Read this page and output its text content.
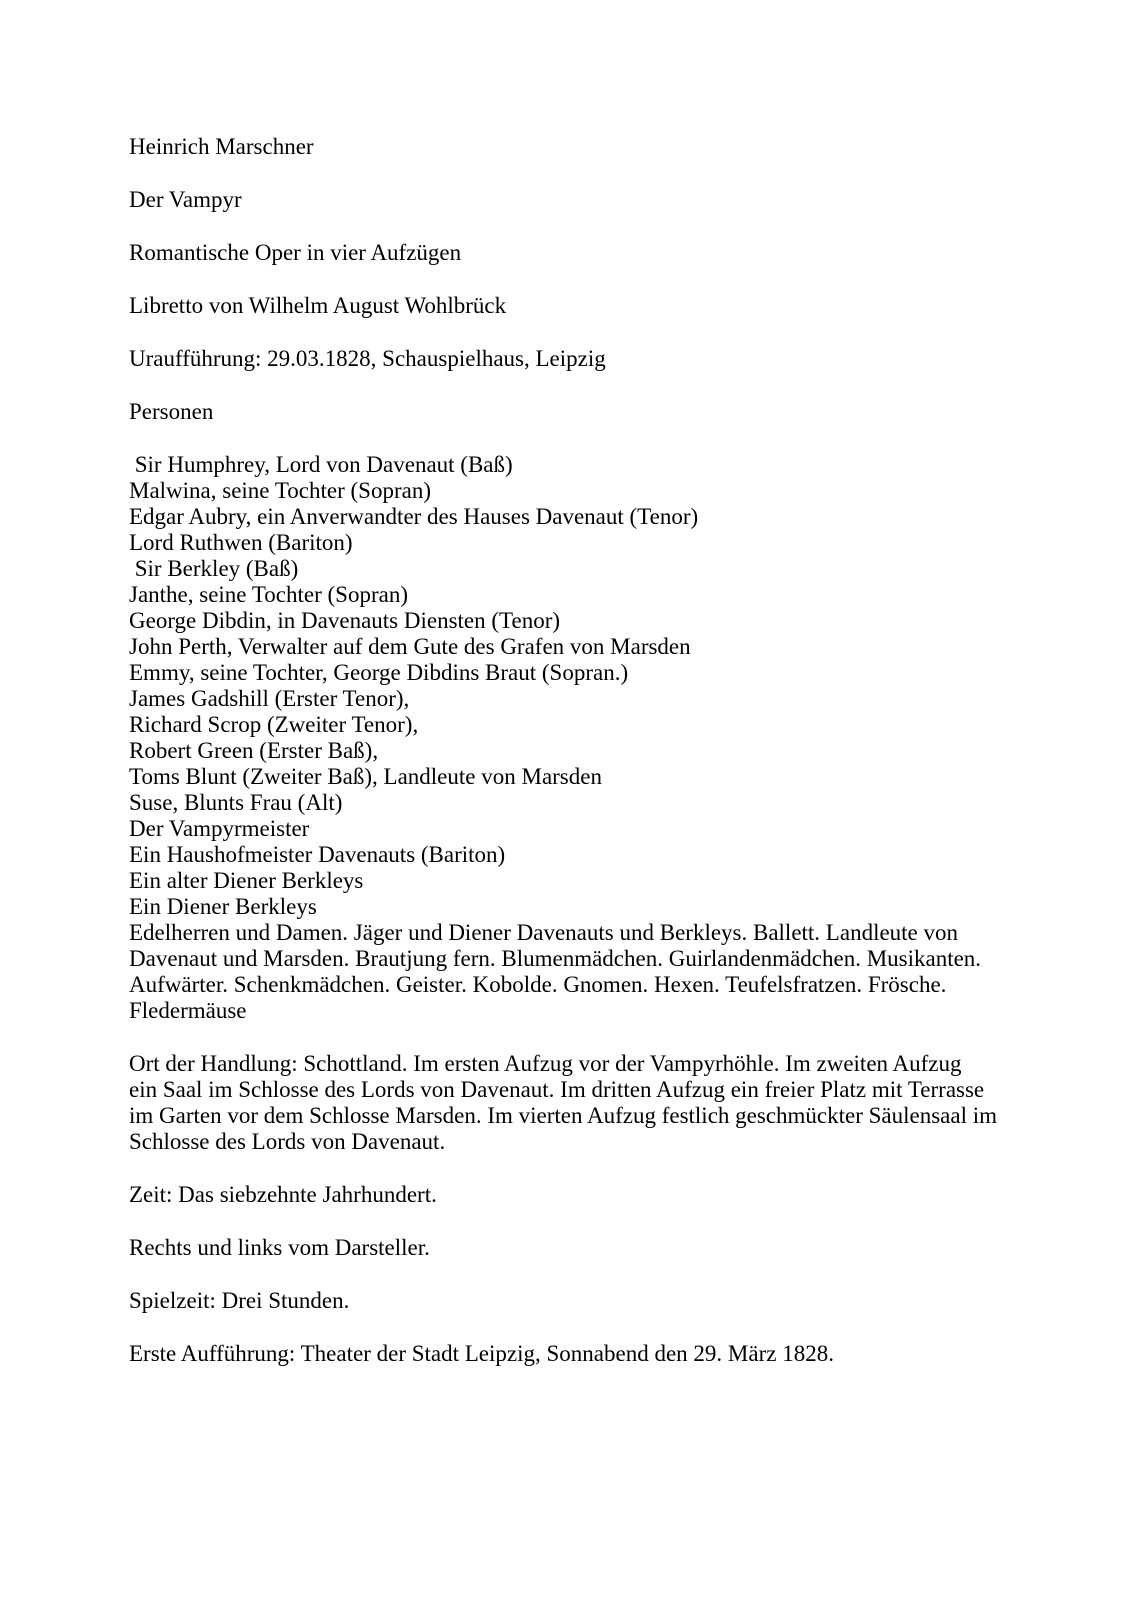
Heinrich Marschner
Der Vampyr
Romantische Oper in vier Aufzügen
Libretto von Wilhelm August Wohlbrück
Uraufführung: 29.03.1828, Schauspielhaus, Leipzig
Personen
Sir Humphrey, Lord von Davenaut (Baß)
Malwina, seine Tochter (Sopran)
Edgar Aubry, ein Anverwandter des Hauses Davenaut (Tenor)
Lord Ruthwen (Bariton)
Sir Berkley (Baß)
Janthe, seine Tochter (Sopran)
George Dibdin, in Davenauts Diensten (Tenor)
John Perth, Verwalter auf dem Gute des Grafen von Marsden
Emmy, seine Tochter, George Dibdins Braut (Sopran.)
James Gadshill (Erster Tenor),
Richard Scrop (Zweiter Tenor),
Robert Green (Erster Baß),
Toms Blunt (Zweiter Baß), Landleute von Marsden
Suse, Blunts Frau (Alt)
Der Vampyrmeister
Ein Haushofmeister Davenauts (Bariton)
Ein alter Diener Berkleys
Ein Diener Berkleys
Edelherren und Damen. Jäger und Diener Davenauts und Berkleys. Ballett. Landleute von
Davenaut und Marsden. Brautjung fern. Blumenmädchen. Guirlandenmädchen. Musikanten.
Aufwärter. Schenkmädchen. Geister. Kobolde. Gnomen. Hexen. Teufelsfratzen. Frösche.
Fledermäuse
Ort der Handlung: Schottland. Im ersten Aufzug vor der Vampyrhöhle. Im zweiten Aufzug
ein Saal im Schlosse des Lords von Davenaut. Im dritten Aufzug ein freier Platz mit Terrasse
im Garten vor dem Schlosse Marsden. Im vierten Aufzug festlich geschmückter Säulensaal im
Schlosse des Lords von Davenaut.
Zeit: Das siebzehnte Jahrhundert.
Rechts und links vom Darsteller.
Spielzeit: Drei Stunden.
Erste Aufführung: Theater der Stadt Leipzig, Sonnabend den 29. März 1828.
